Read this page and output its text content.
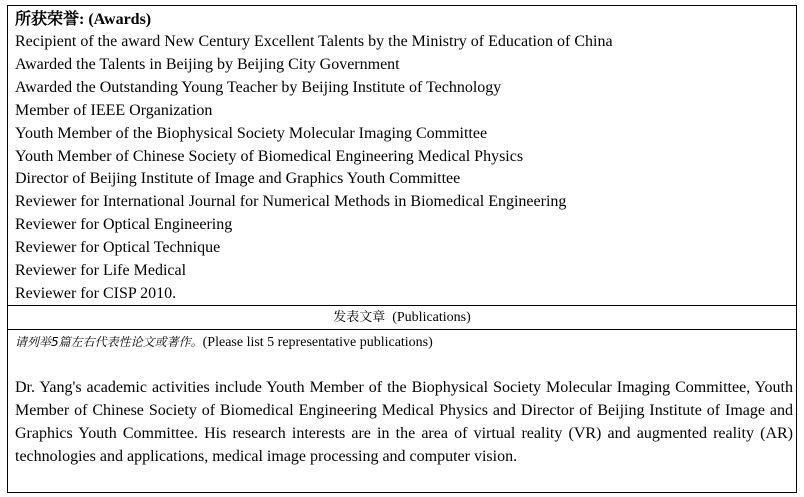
所获荣誉: (Awards)
Recipient of the award New Century Excellent Talents by the Ministry of Education of China
Awarded the Talents in Beijing by Beijing City Government
Awarded the Outstanding Young Teacher by Beijing Institute of Technology
Member of IEEE Organization
Youth Member of the Biophysical Society Molecular Imaging Committee
Youth Member of Chinese Society of Biomedical Engineering Medical Physics
Director of Beijing Institute of Image and Graphics Youth Committee
Reviewer for International Journal for Numerical Methods in Biomedical Engineering
Reviewer for Optical Engineering
Reviewer for Optical Technique
Reviewer for Life Medical
Reviewer for CISP 2010.
发表文章 (Publications)
请列举5篇左右代表性论文或著作。(Please list 5 representative publications)
Dr. Yang's academic activities include Youth Member of the Biophysical Society Molecular Imaging Committee, Youth Member of Chinese Society of Biomedical Engineering Medical Physics and Director of Beijing Institute of Image and Graphics Youth Committee. His research interests are in the area of virtual reality (VR) and augmented reality (AR) technologies and applications, medical image processing and computer vision.
